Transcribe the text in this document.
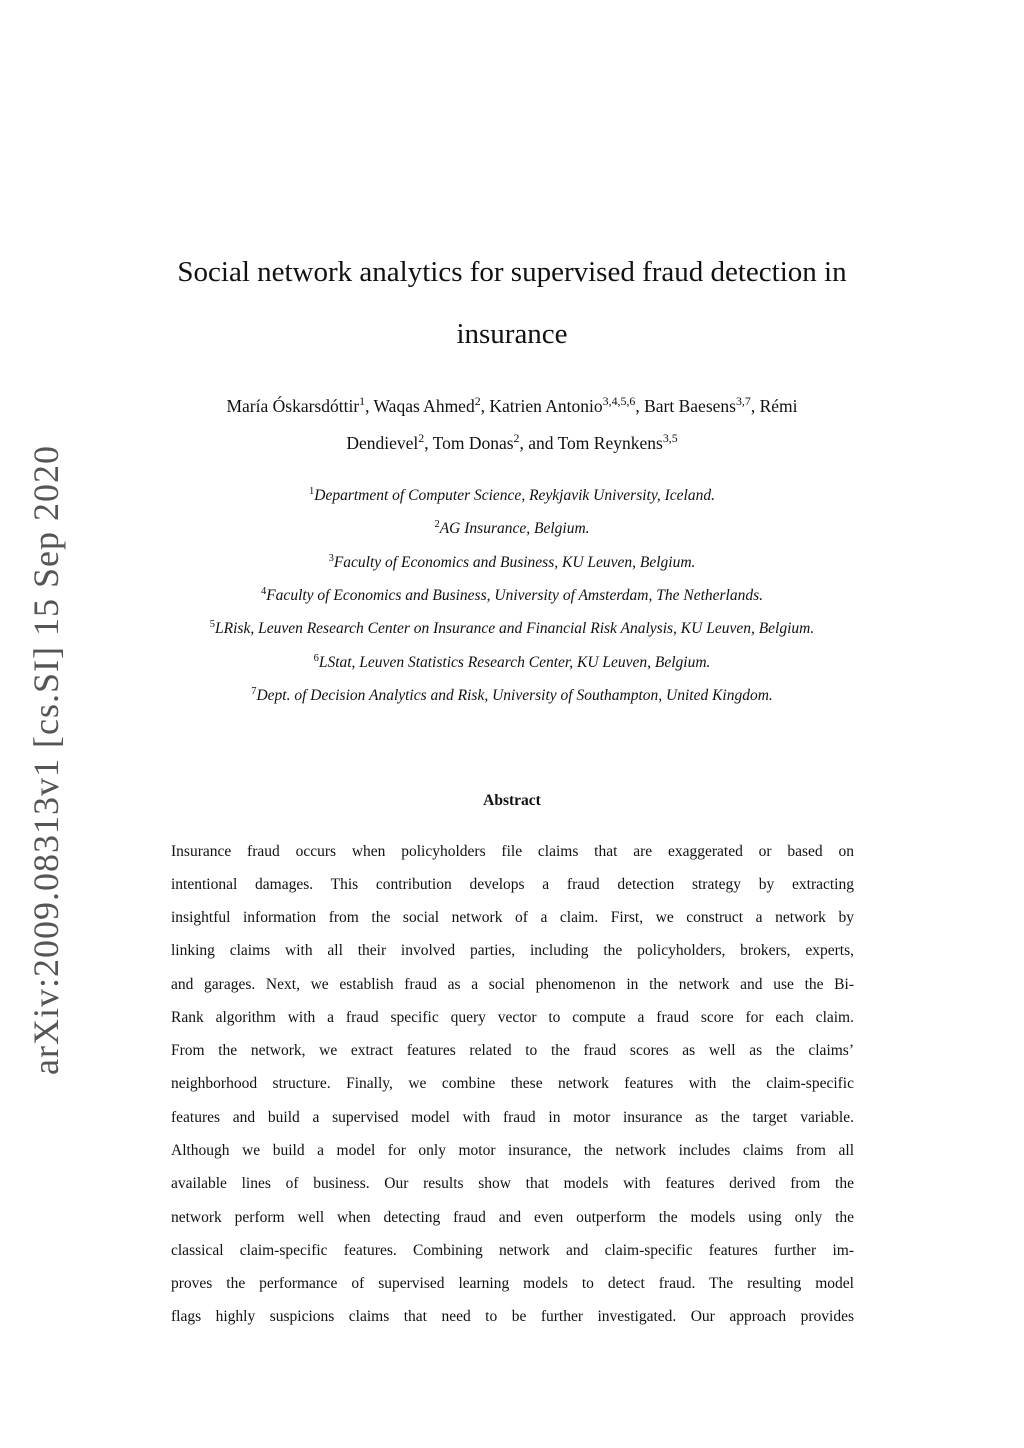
arXiv:2009.08313v1 [cs.SI] 15 Sep 2020
Social network analytics for supervised fraud detection in
insurance
María Óskarsdóttir$^1$, Waqas Ahmed$^2$, Katrien Antonio$^{3,4,5,6}$, Bart Baesens$^{3,7}$, Rémi
Dendievel$^2$, Tom Donas$^2$, and Tom Reynkens$^{3,5}$
$^1$Department of Computer Science, Reykjavik University, Iceland.
$^2$AG Insurance, Belgium.
$^3$Faculty of Economics and Business, KU Leuven, Belgium.
$^4$Faculty of Economics and Business, University of Amsterdam, The Netherlands.
$^5$LRisk, Leuven Research Center on Insurance and Financial Risk Analysis, KU Leuven, Belgium.
$^6$LStat, Leuven Statistics Research Center, KU Leuven, Belgium.
$^7$Dept. of Decision Analytics and Risk, University of Southampton, United Kingdom.
Abstract
Insurance fraud occurs when policyholders file claims that are exaggerated or based on
intentional damages. This contribution develops a fraud detection strategy by extracting
insightful information from the social network of a claim. First, we construct a network by
linking claims with all their involved parties, including the policyholders, brokers, experts,
and garages. Next, we establish fraud as a social phenomenon in the network and use the Bi-
Rank algorithm with a fraud specific query vector to compute a fraud score for each claim.
From the network, we extract features related to the fraud scores as well as the claims’
neighborhood structure. Finally, we combine these network features with the claim-specific
features and build a supervised model with fraud in motor insurance as the target variable.
Although we build a model for only motor insurance, the network includes claims from all
available lines of business. Our results show that models with features derived from the
network perform well when detecting fraud and even outperform the models using only the
classical claim-specific features. Combining network and claim-specific features further im-
proves the performance of supervised learning models to detect fraud. The resulting model
flags highly suspicions claims that need to be further investigated. Our approach provides
